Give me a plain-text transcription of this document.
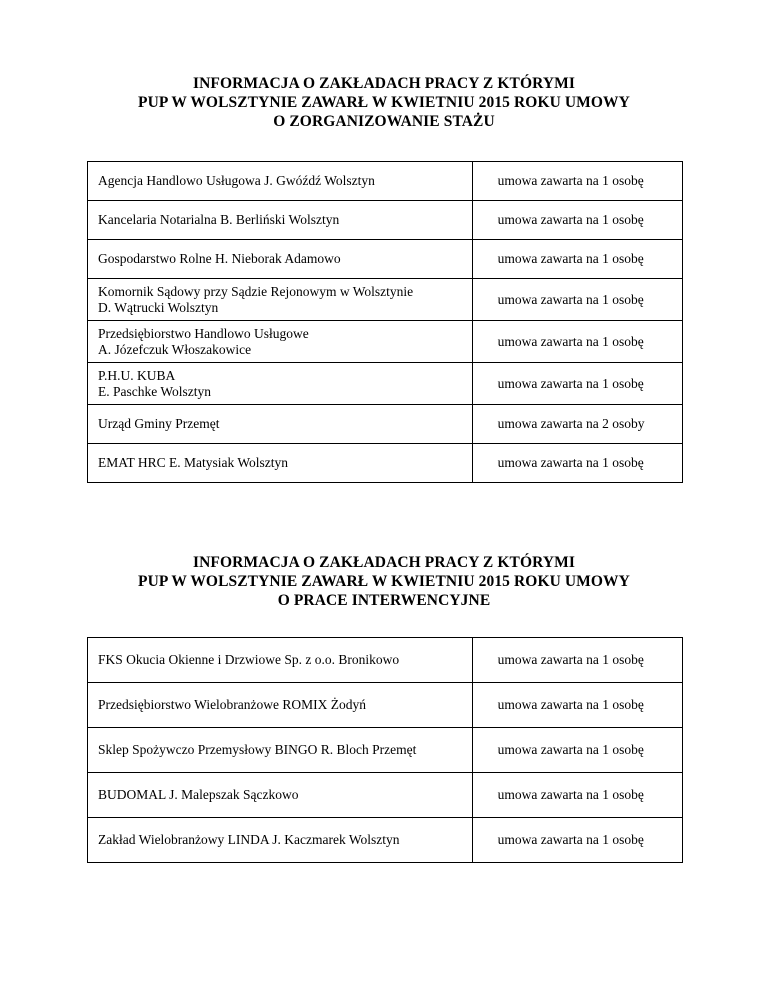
INFORMACJA O ZAKŁADACH PRACY Z KTÓRYMI
PUP W WOLSZTYNIE ZAWARŁ W KWIETNIU 2015 ROKU UMOWY
O ZORGANIZOWANIE STAŻU
Agencja Handlowo Usługowa J. Gwóźdź Wolsztyn	umowa zawarta na 1 osobę

Kancelaria Notarialna B. Berliński Wolsztyn	umowa zawarta na 1 osobę

Gospodarstwo Rolne H. Nieborak Adamowo	umowa zawarta na 1 osobę

Komornik Sądowy przy Sądzie Rejonowym w Wolsztynie
D. Wątrucki Wolsztyn	umowa zawarta na 1 osobę

Przedsiębiorstwo Handlowo Usługowe
A. Józefczuk Włoszakowice	umowa zawarta na 1 osobę

P.H.U. KUBA
E. Paschke Wolsztyn	umowa zawarta na 1 osobę

Urząd Gminy Przemęt	umowa zawarta na 2 osoby

EMAT HRC E. Matysiak Wolsztyn	umowa zawarta na 1 osobę
INFORMACJA O ZAKŁADACH PRACY Z KTÓRYMI
PUP W WOLSZTYNIE ZAWARŁ W KWIETNIU 2015 ROKU UMOWY
O PRACE INTERWENCYJNE
FKS Okucia Okienne i Drzwiowe Sp. z o.o. Bronikowo	umowa zawarta na 1 osobę

Przedsiębiorstwo Wielobranżowe ROMIX Żodyń	umowa zawarta na 1 osobę

Sklep Spożywczo Przemysłowy BINGO R. Bloch Przemęt	umowa zawarta na 1 osobę

BUDOMAL J. Malepszak Sączkowo	umowa zawarta na 1 osobę

Zakład Wielobranżowy LINDA J. Kaczmarek Wolsztyn	umowa zawarta na 1 osobę
